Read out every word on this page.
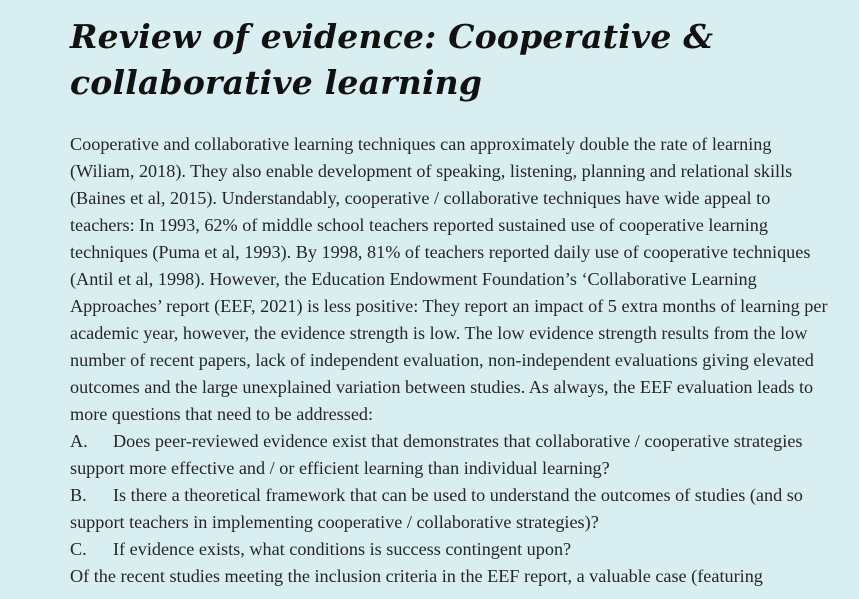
Review of evidence: Cooperative & collaborative learning

Cooperative and collaborative learning techniques can approximately double the rate of learning (Wiliam, 2018). They also enable development of speaking, listening, planning and relational skills (Baines et al, 2015). Understandably, cooperative / collaborative techniques have wide appeal to teachers: In 1993, 62% of middle school teachers reported sustained use of cooperative learning techniques (Puma et al, 1993). By 1998, 81% of teachers reported daily use of cooperative techniques (Antil et al, 1998). However, the Education Endowment Foundation’s ‘Collaborative Learning Approaches’ report (EEF, 2021) is less positive: They report an impact of 5 extra months of learning per academic year, however, the evidence strength is low. The low evidence strength results from the low number of recent papers, lack of independent evaluation, non-independent evaluations giving elevated outcomes and the large unexplained variation between studies. As always, the EEF evaluation leads to more questions that need to be addressed:

A. Does peer-reviewed evidence exist that demonstrates that collaborative / cooperative strategies support more effective and / or efficient learning than individual learning?
B. Is there a theoretical framework that can be used to understand the outcomes of studies (and so support teachers in implementing cooperative / collaborative strategies)?
C. If evidence exists, what conditions is success contingent upon?

Of the recent studies meeting the inclusion criteria in the EEF report, a valuable case (featuring
